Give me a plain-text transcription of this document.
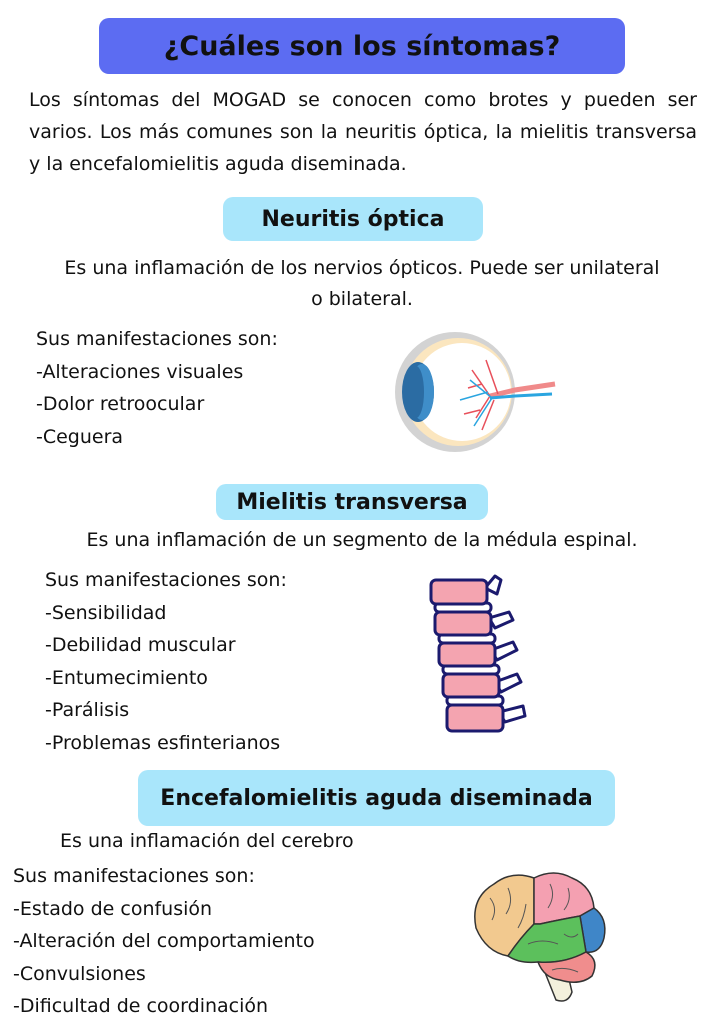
¿Cuáles son los síntomas?
Los síntomas del MOGAD se conocen como brotes y pueden ser varios. Los más comunes son la neuritis óptica, la mielitis transversa y la encefalomielitis aguda diseminada.
Neuritis óptica
Es una inflamación de los nervios ópticos. Puede ser unilateral o bilateral.
Sus manifestaciones son:
-Alteraciones visuales
-Dolor retroocular
-Ceguera
Mielitis transversa
Es una inflamación de un segmento de la médula espinal.
Sus manifestaciones son:
-Sensibilidad
-Debilidad muscular
-Entumecimiento
-Parálisis
-Problemas esfinterianos
Encefalomielitis aguda diseminada
Es una inflamación del cerebro
Sus manifestaciones son:
-Estado de confusión
-Alteración del comportamiento
-Convulsiones
-Dificultad de coordinación
